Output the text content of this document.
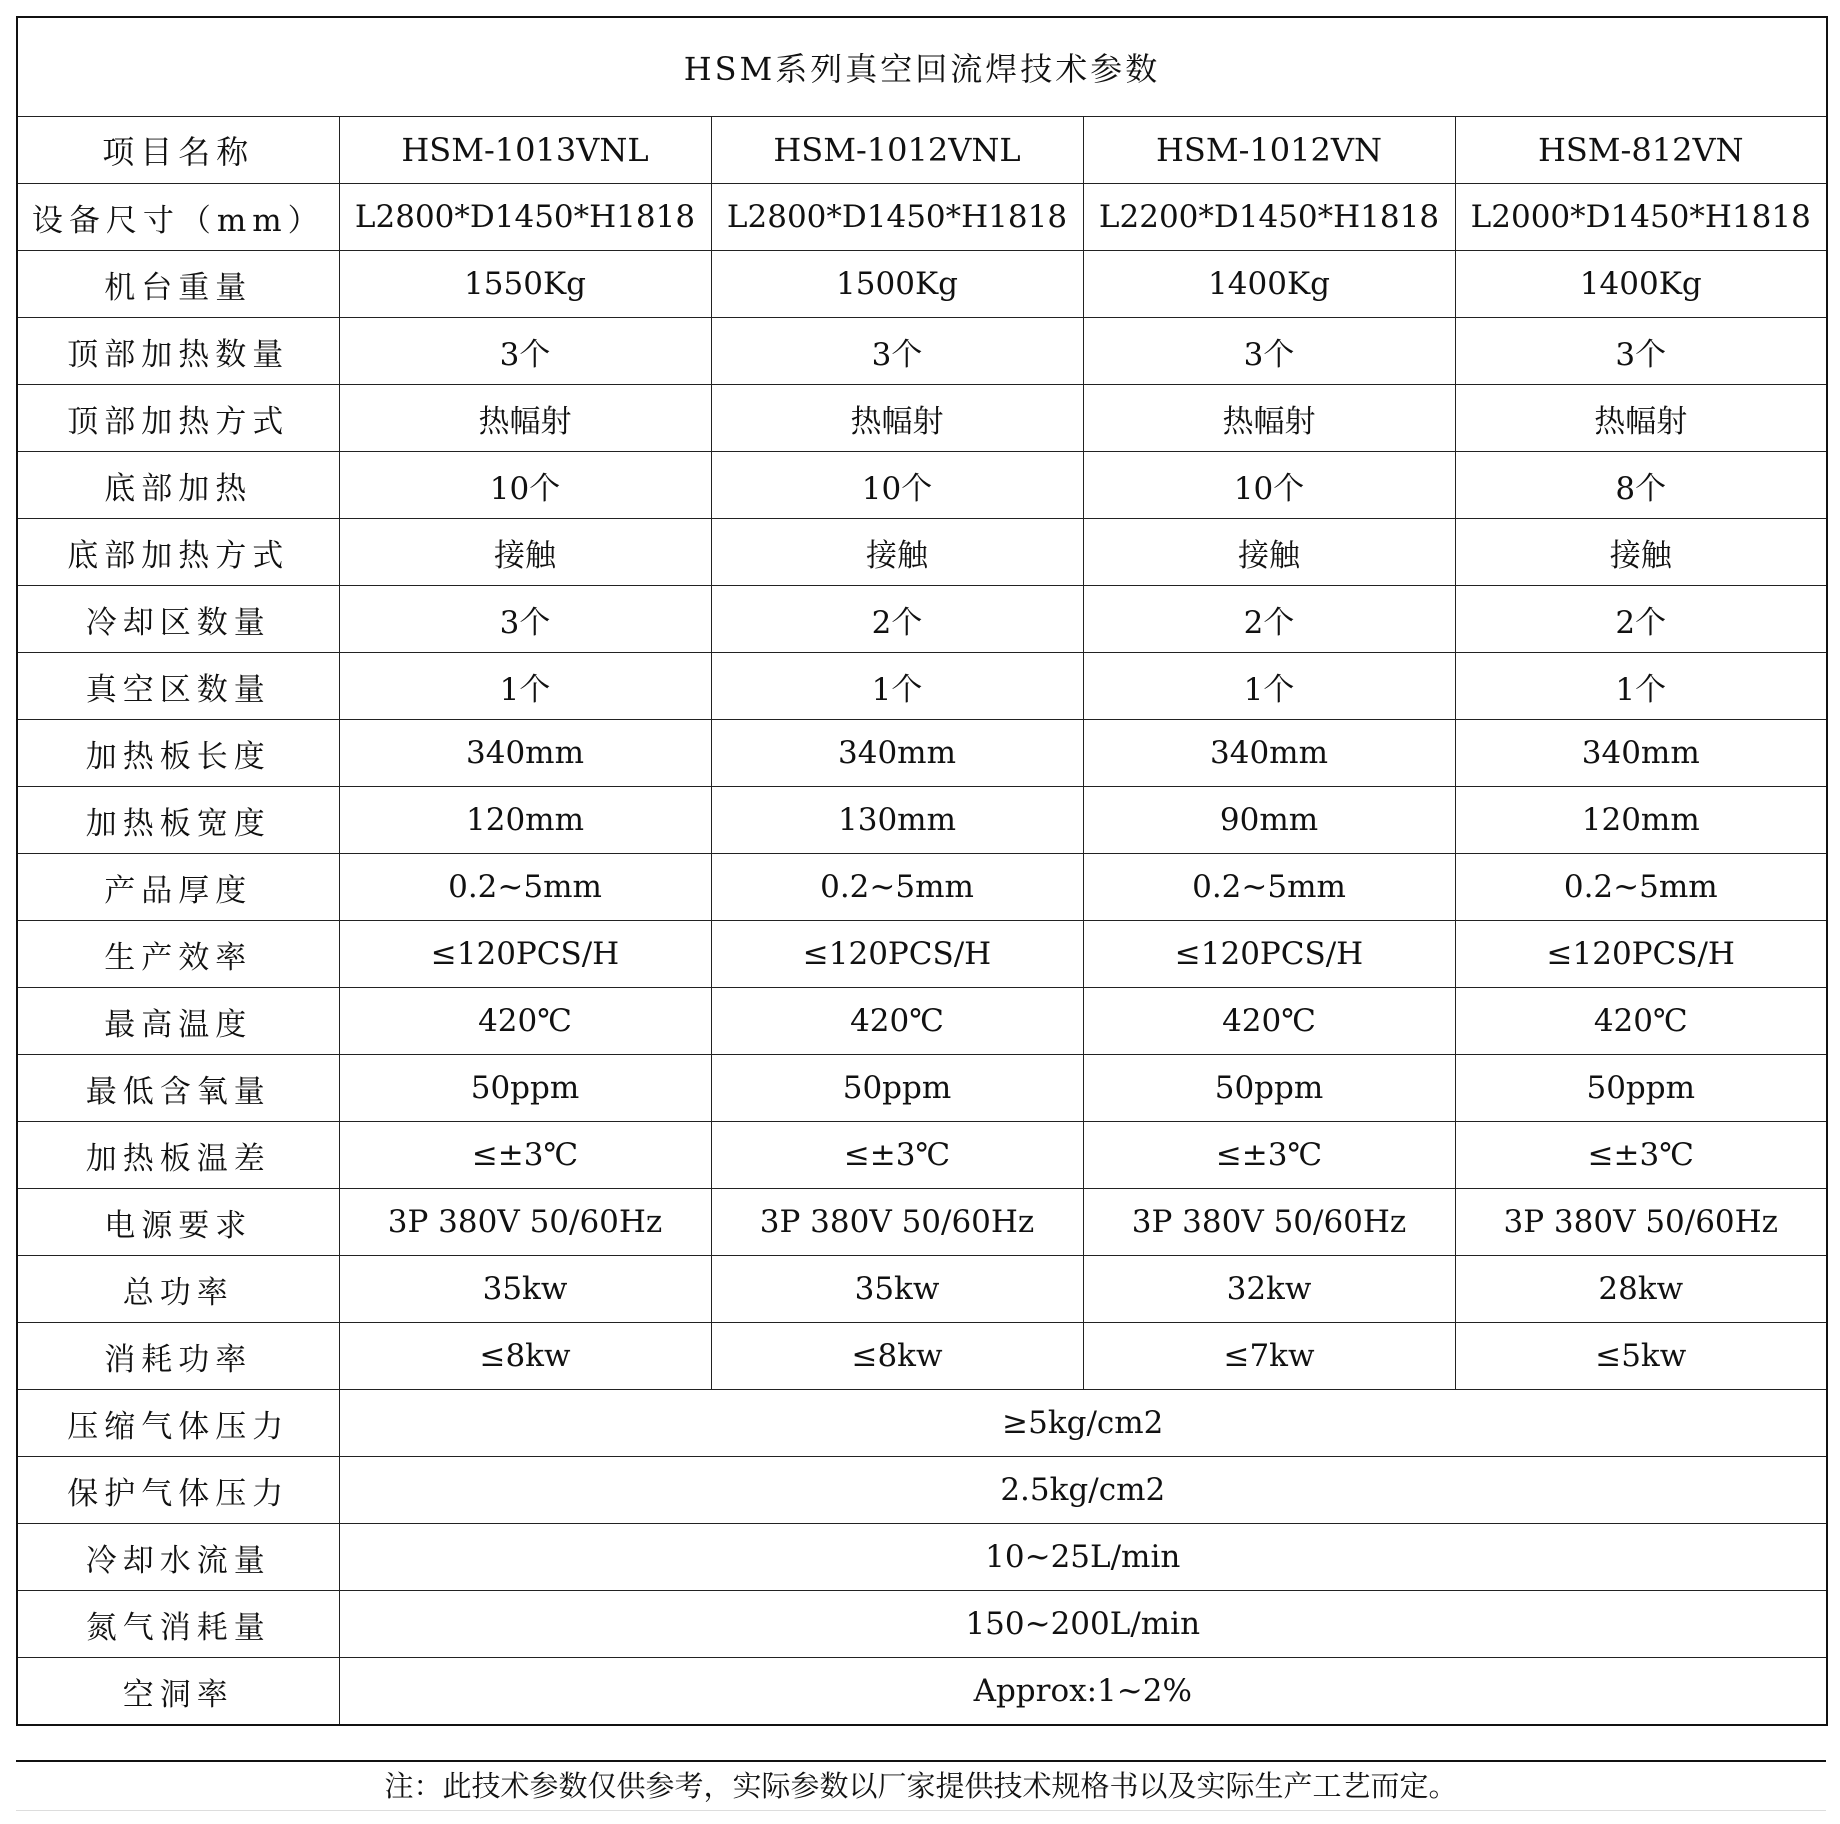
HSM系列真空回流焊技术参数				
项目名称	HSM-1013VNL	HSM-1012VNL	HSM-1012VN	HSM-812VN
设备尺寸（mm）	L2800*D1450*H1818	L2800*D1450*H1818	L2200*D1450*H1818	L2000*D1450*H1818
机台重量	1550Kg	1500Kg	1400Kg	1400Kg
顶部加热数量	3个	3个	3个	3个
顶部加热方式	热幅射	热幅射	热幅射	热幅射
底部加热	10个	10个	10个	8个
底部加热方式	接触	接触	接触	接触
冷却区数量	3个	2个	2个	2个
真空区数量	1个	1个	1个	1个
加热板长度	340mm	340mm	340mm	340mm
加热板宽度	120mm	130mm	90mm	120mm
产品厚度	0.2~5mm	0.2~5mm	0.2~5mm	0.2~5mm
生产效率	≤120PCS/H	≤120PCS/H	≤120PCS/H	≤120PCS/H
最高温度	420℃	420℃	420℃	420℃
最低含氧量	50ppm	50ppm	50ppm	50ppm
加热板温差	≤±3℃	≤±3℃	≤±3℃	≤±3℃
电源要求	3P 380V 50/60Hz	3P 380V 50/60Hz	3P 380V 50/60Hz	3P 380V 50/60Hz
总功率	35kw	35kw	32kw	28kw
消耗功率	≤8kw	≤8kw	≤7kw	≤5kw
压缩气体压力	≥5kg/cm2			
保护气体压力	2.5kg/cm2			
冷却水流量	10~25L/min			
氮气消耗量	150~200L/min			
空洞率	Approx:1~2%			
注：此技术参数仅供参考，实际参数以厂家提供技术规格书以及实际生产工艺而定。
